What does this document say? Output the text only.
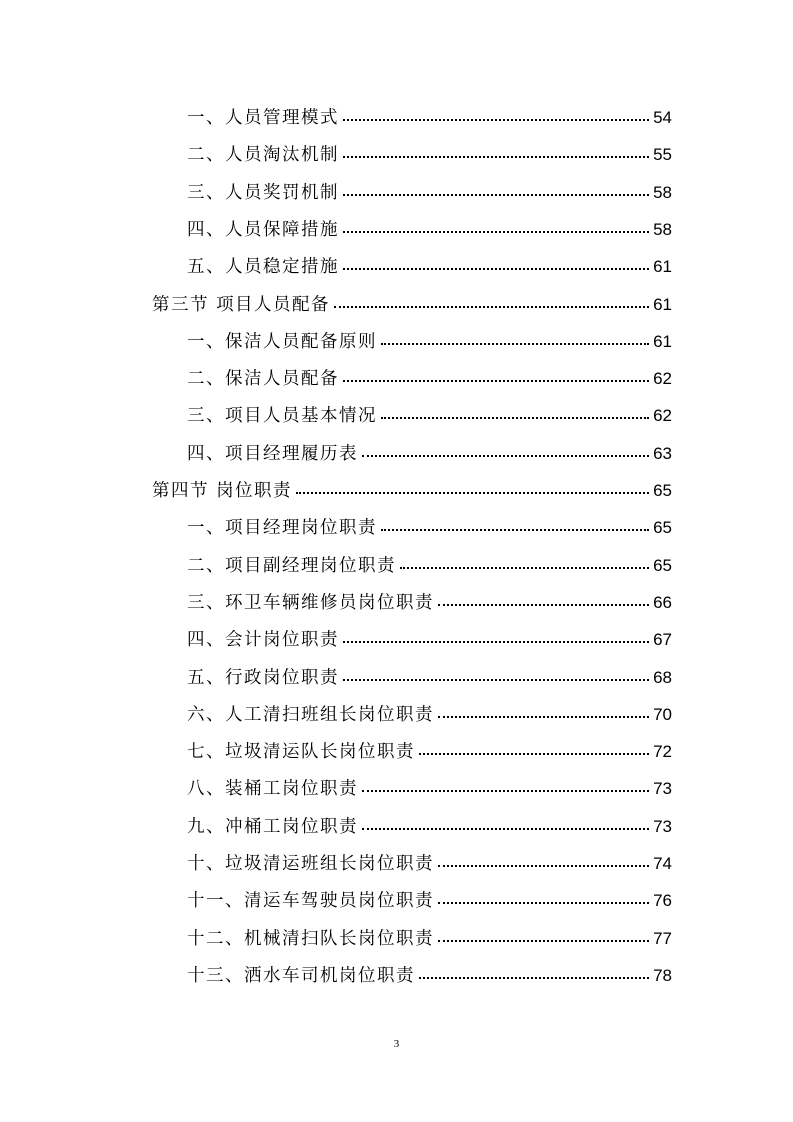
一、人员管理模式	54
二、人员淘汰机制	55
三、人员奖罚机制	58
四、人员保障措施	58
五、人员稳定措施	61
第三节 项目人员配备	61
一、保洁人员配备原则	61
二、保洁人员配备	62
三、项目人员基本情况	62
四、项目经理履历表	63
第四节 岗位职责	65
一、项目经理岗位职责	65
二、项目副经理岗位职责	65
三、环卫车辆维修员岗位职责	66
四、会计岗位职责	67
五、行政岗位职责	68
六、人工清扫班组长岗位职责	70
七、垃圾清运队长岗位职责	72
八、装桶工岗位职责	73
九、冲桶工岗位职责	73
十、垃圾清运班组长岗位职责	74
十一、清运车驾驶员岗位职责	76
十二、机械清扫队长岗位职责	77
十三、洒水车司机岗位职责	78
3
